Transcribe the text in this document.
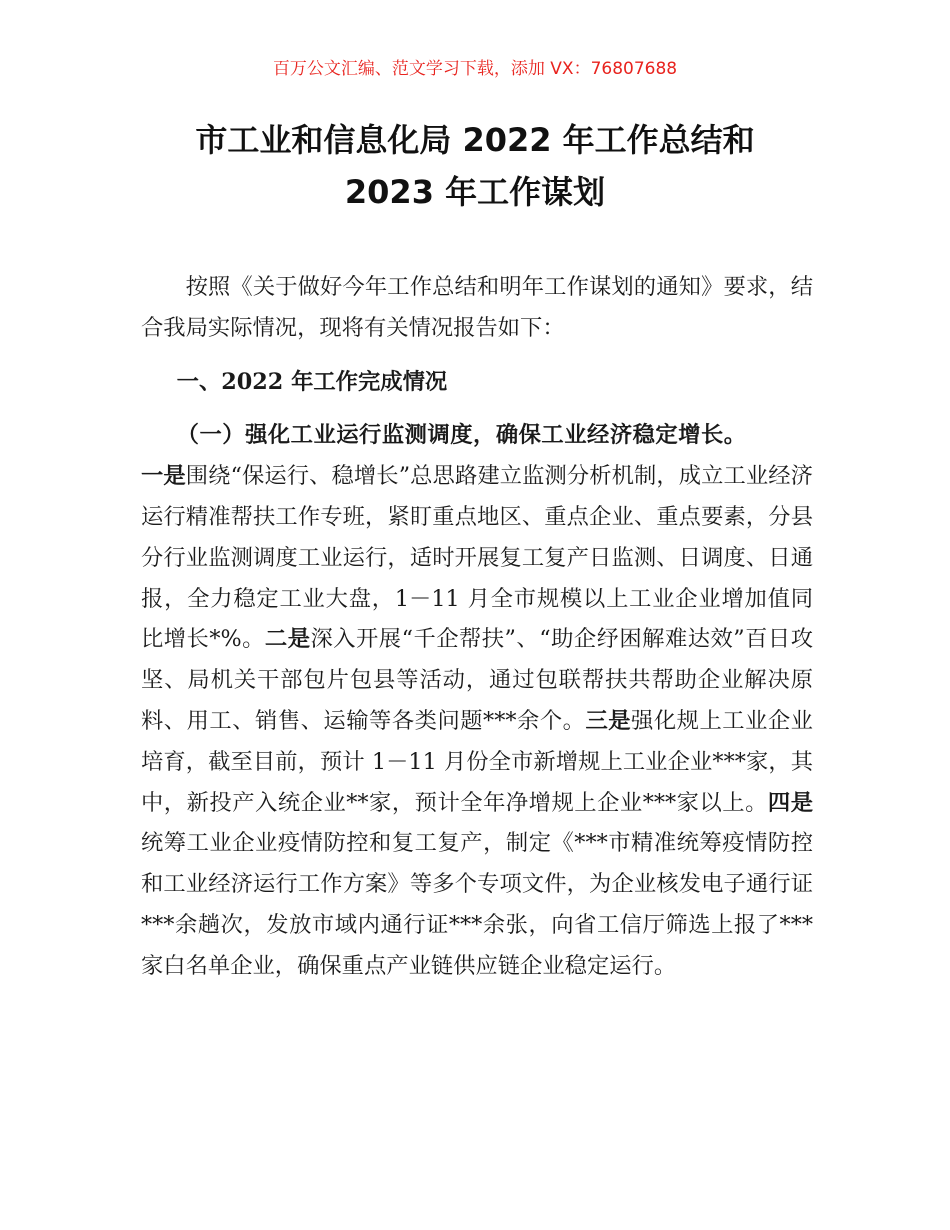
百万公文汇编、范文学习下载，添加 VX：76807688
市工业和信息化局 2022 年工作总结和
2023 年工作谋划

按照《关于做好今年工作总结和明年工作谋划的通知》要求，结合我局实际情况，现将有关情况报告如下：

一、2022 年工作完成情况

（一）强化工业运行监测调度，确保工业经济稳定增长。
一是围绕“保运行、稳增长”总思路建立监测分析机制，成立工业经济运行精准帮扶工作专班，紧盯重点地区、重点企业、重点要素，分县分行业监测调度工业运行，适时开展复工复产日监测、日调度、日通报，全力稳定工业大盘，1－11 月全市规模以上工业企业增加值同比增长*%。二是深入开展“千企帮扶”、“助企纾困解难达效”百日攻坚、局机关干部包片包县等活动，通过包联帮扶共帮助企业解决原料、用工、销售、运输等各类问题***余个。三是强化规上工业企业培育，截至目前，预计 1－11 月份全市新增规上工业企业***家，其中，新投产入统企业**家，预计全年净增规上企业***家以上。四是统筹工业企业疫情防控和复工复产，制定《***市精准统筹疫情防控和工业经济运行工作方案》等多个专项文件，为企业核发电子通行证***余趟次，发放市域内通行证***余张，向省工信厅筛选上报了***家白名单企业，确保重点产业链供应链企业稳定运行。
